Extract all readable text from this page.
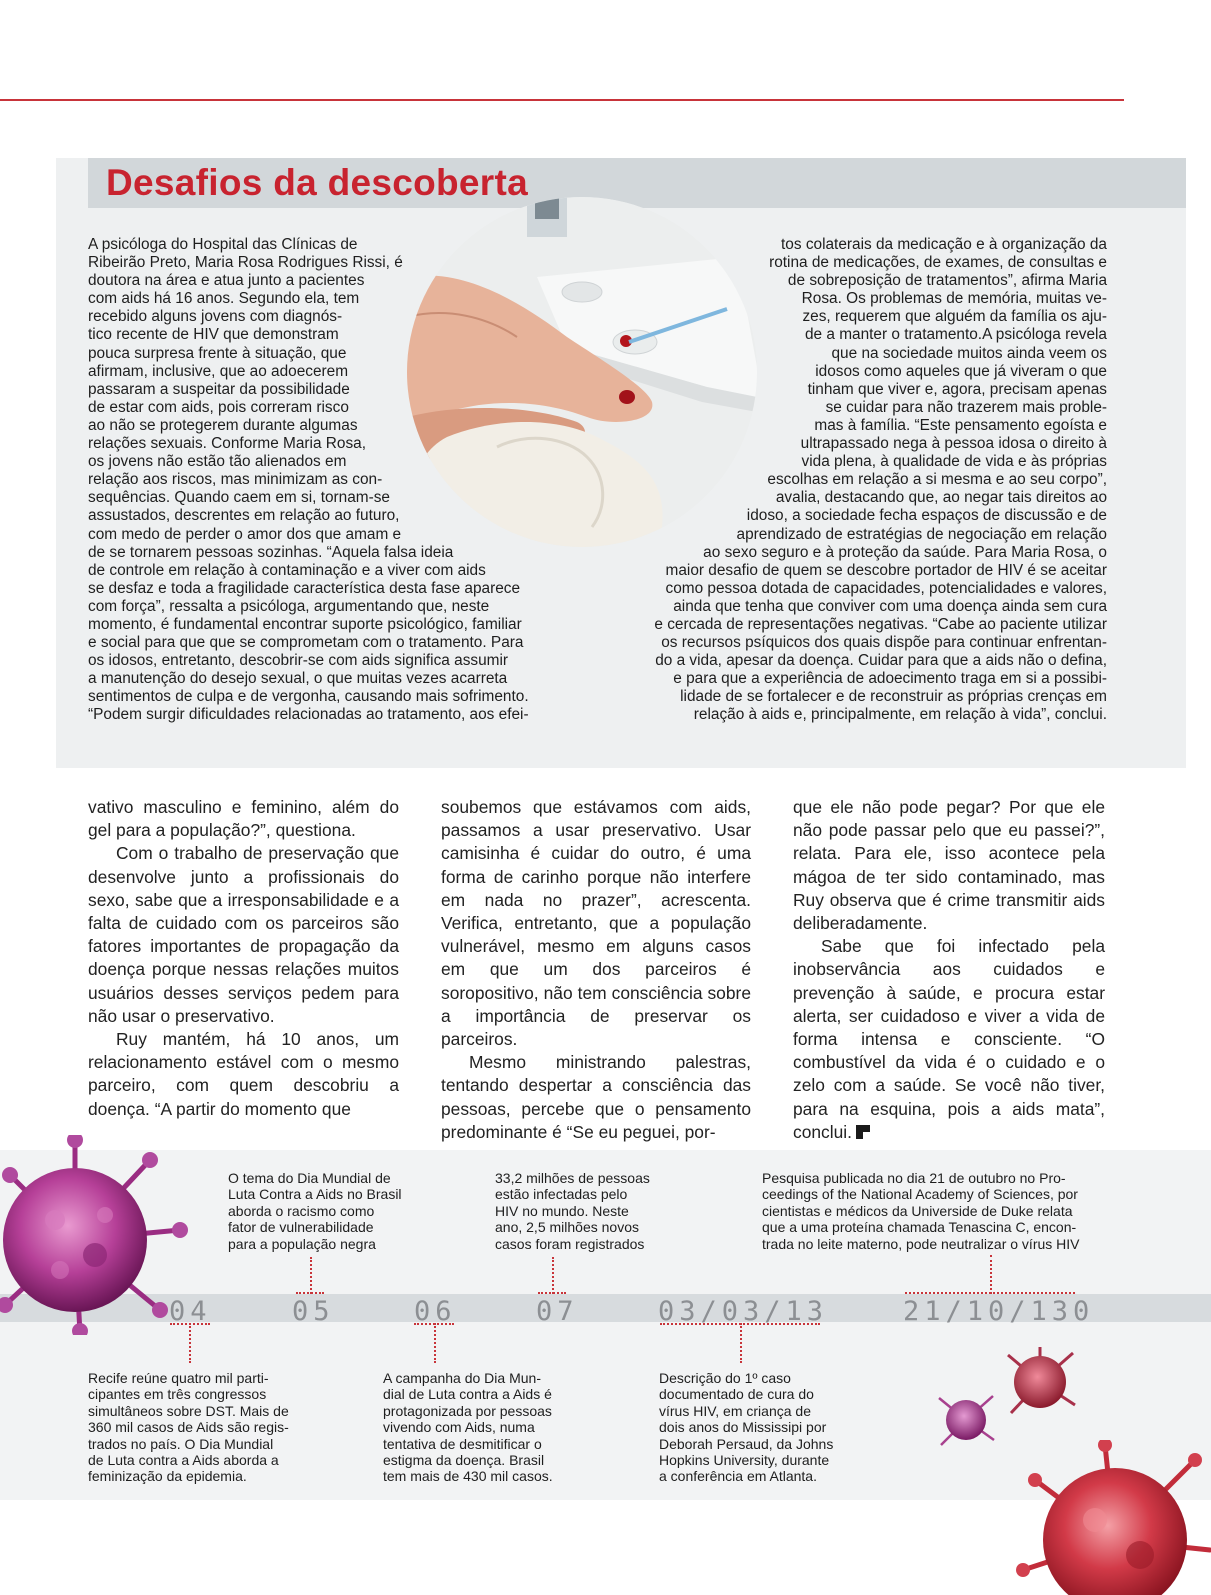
Desafios da descoberta
A psicóloga do Hospital das Clínicas de
Ribeirão Preto, Maria Rosa Rodrigues Rissi, é
doutora na área e atua junto a pacientes
com aids há 16 anos. Segundo ela, tem
recebido alguns jovens com diagnós-
tico recente de HIV que demonstram
pouca surpresa frente à situação, que
afirmam, inclusive, que ao adoecerem
passaram a suspeitar da possibilidade
de estar com aids, pois correram risco
ao não se protegerem durante algumas
relações sexuais. Conforme Maria Rosa,
os jovens não estão tão alienados em
relação aos riscos, mas minimizam as con-
sequências. Quando caem em si, tornam-se
assustados, descrentes em relação ao futuro,
com medo de perder o amor dos que amam e
de se tornarem pessoas sozinhas. “Aquela falsa ideia
de controle em relação à contaminação e a viver com aids
se desfaz e toda a fragilidade característica desta fase aparece
com força”, ressalta a psicóloga, argumentando que, neste
momento, é fundamental encontrar suporte psicológico, familiar
e social para que que se comprometam com o tratamento. Para
os idosos, entretanto, descobrir-se com aids significa assumir
a manutenção do desejo sexual, o que muitas vezes acarreta
sentimentos de culpa e de vergonha, causando mais sofrimento.
“Podem surgir dificuldades relacionadas ao tratamento, aos efei-
tos colaterais da medicação e à organização da
rotina de medicações, de exames, de consultas e
de sobreposição de tratamentos”, afirma Maria
Rosa. Os problemas de memória, muitas ve-
zes, requerem que alguém da família os aju-
de a manter o tratamento.A psicóloga revela
que na sociedade muitos ainda veem os
idosos como aqueles que já viveram o que
tinham que viver e, agora, precisam apenas
se cuidar para não trazerem mais proble-
mas à família. “Este pensamento egoísta e
ultrapassado nega à pessoa idosa o direito à
vida plena, à qualidade de vida e às próprias
escolhas em relação a si mesma e ao seu corpo”,
avalia, destacando que, ao negar tais direitos ao
idoso, a sociedade fecha espaços de discussão e de
aprendizado de estratégias de negociação em relação
ao sexo seguro e à proteção da saúde. Para Maria Rosa, o
maior desafio de quem se descobre portador de HIV é se aceitar
como pessoa dotada de capacidades, potencialidades e valores,
ainda que tenha que conviver com uma doença ainda sem cura
e cercada de representações negativas. “Cabe ao paciente utilizar
os recursos psíquicos dos quais dispõe para continuar enfrentan-
do a vida, apesar da doença. Cuidar para que a aids não o defina,
e para que a experiência de adoecimento traga em si a possibi-
lidade de se fortalecer e de reconstruir as próprias crenças em
relação à aids e, principalmente, em relação à vida”, conclui.

vativo masculino e feminino, além do gel para a população?”, questiona.

Com o trabalho de preservação que desenvolve junto a profissionais do sexo, sabe que a irresponsabilidade e a falta de cuidado com os parceiros são fatores importantes de propagação da doença porque nessas relações muitos usuários desses serviços pedem para não usar o preservativo.

Ruy mantém, há 10 anos, um relacionamento estável com o mesmo parceiro, com quem descobriu a doença. “A partir do momento que

soubemos que estávamos com aids, passamos a usar preservativo. Usar camisinha é cuidar do outro, é uma forma de carinho porque não interfere em nada no prazer”, acrescenta. Verifica, entretanto, que a população vulnerável, mesmo em alguns casos em que um dos parceiros é soropositivo, não tem consciência sobre a importância de preservar os parceiros.

Mesmo ministrando palestras, tentando despertar a consciência das pessoas, percebe que o pensamento predominante é “Se eu peguei, por-

que ele não pode pegar? Por que ele não pode passar pelo que eu passei?”, relata. Para ele, isso acontece pela mágoa de ter sido contaminado, mas Ruy observa que é crime transmitir aids deliberadamente.

Sabe que foi infectado pela inobservância aos cuidados e prevenção à saúde, e procura estar alerta, ser cuidadoso e viver a vida de forma intensa e consciente. “O combustível da vida é o cuidado e o zelo com a saúde. Se você não tiver, para na esquina, pois a aids mata”, conclui.

04	05	06	07	03/03/13	21/10/130
O tema do Dia Mundial de
Luta Contra a Aids no Brasil
aborda o racismo como
fator de vulnerabilidade
para a população negra
33,2 milhões de pessoas
estão infectadas pelo
HIV no mundo. Neste
ano, 2,5 milhões novos
casos foram registrados
Pesquisa publicada no dia 21 de outubro no Pro-
ceedings of the National Academy of Sciences, por
cientistas e médicos da Universide de Duke relata
que a uma proteína chamada Tenascina C, encon-
trada no leite materno, pode neutralizar o vírus HIV
Recife reúne quatro mil parti-
cipantes em três congressos
simultâneos sobre DST. Mais de
360 mil casos de Aids são regis-
trados no país. O Dia Mundial
de Luta contra a Aids aborda a
feminização da epidemia.
A campanha do Dia Mun-
dial de Luta contra a Aids é
protagonizada por pessoas
vivendo com Aids, numa
tentativa de desmitificar o
estigma da doença. Brasil
tem mais de 430 mil casos.
Descrição do 1º caso
documentado de cura do
vírus HIV, em criança de
dois anos do Mississipi por
Deborah Persaud, da Johns
Hopkins University, durante
a conferência em Atlanta.
